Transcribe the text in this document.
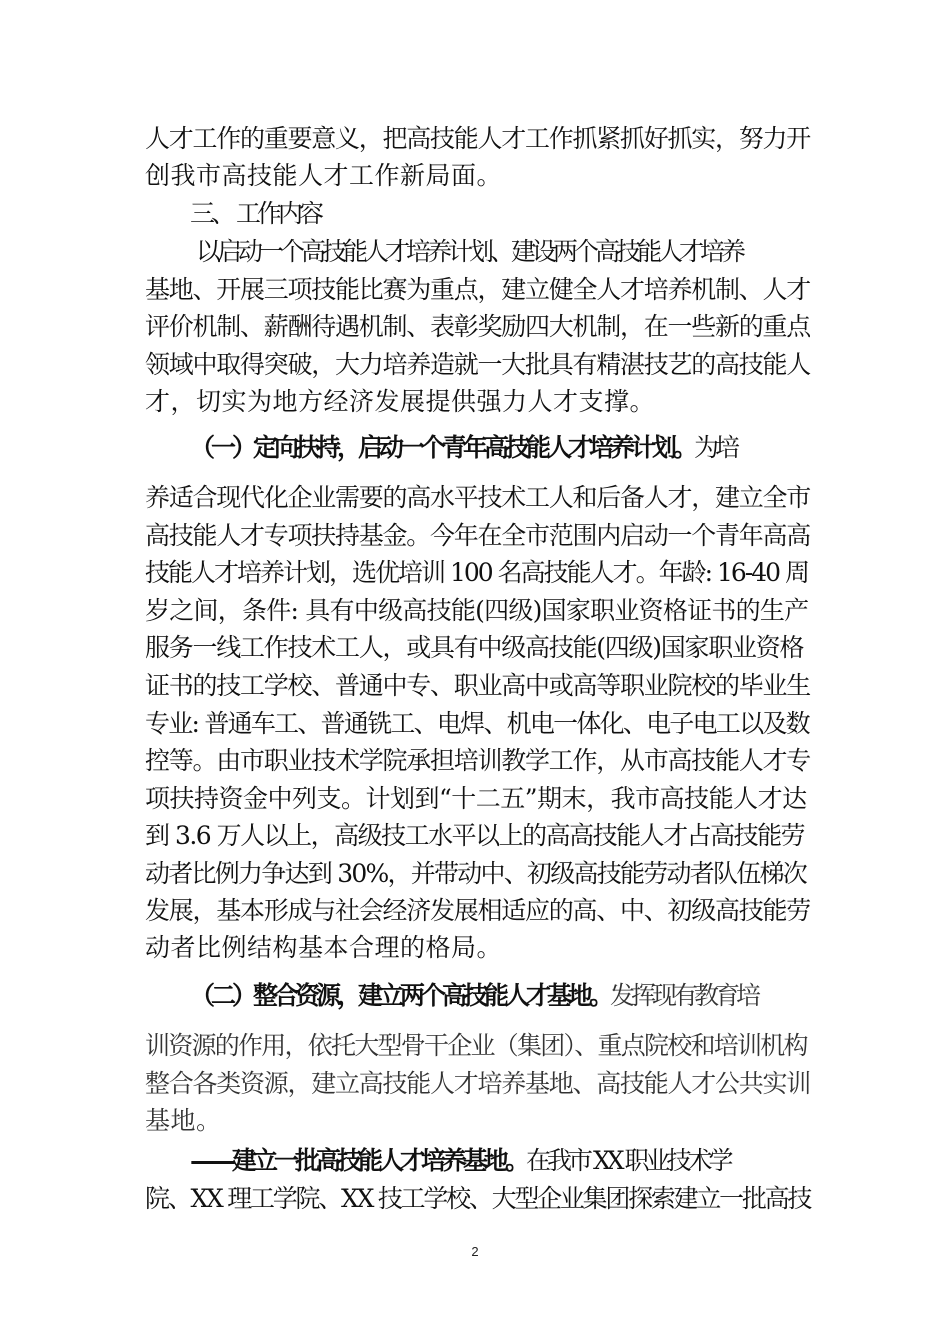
人才工作的重要意义，把高技能人才工作抓紧抓好抓实，努力开
创我市高技能人才工作新局面。
三、 工作内容
以启动一个高技能人才培养计划、建设两个高技能人才培养
基地、开展三项技能比赛为重点，建立健全人才培养机制、人才
评价机制、薪酬待遇机制、表彰奖励四大机制，在一些新的重点
领域中取得突破，大力培养造就一大批具有精湛技艺的高技能人
才，切实为地方经济发展提供强力人才支撑。
（一）定向扶持，启动一个青年高技能人才培养计划。为培
养适合现代化企业需要的高水平技术工人和后备人才，建立全市
高技能人才专项扶持基金。今年在全市范围内启动一个青年高高
技能人才培养计划，选优培训 100 名高技能人才。年龄: 16-40 周
岁之间，条件: 具有中级高技能(四级)国家职业资格证书的生产
服务一线工作技术工人，或具有中级高技能(四级)国家职业资格
证书的技工学校、普通中专、职业高中或高等职业院校的毕业生
专业: 普通车工、普通铣工、电焊、机电一体化、电子电工以及数
控等。由市职业技术学院承担培训教学工作，从市高技能人才专
项扶持资金中列支。计划到“十二五”期末，我市高技能人才达
到 3.6 万人以上，高级技工水平以上的高高技能人才占高技能劳
动者比例力争达到 30%，并带动中、初级高技能劳动者队伍梯次
发展，基本形成与社会经济发展相适应的高、中、初级高技能劳
动者比例结构基本合理的格局。
（二）整合资源，建立两个高技能人才基地。发挥现有教育培
训资源的作用，依托大型骨干企业（集团）、重点院校和培训机构
整合各类资源，建立高技能人才培养基地、高技能人才公共实训
基地。
——建立一批高技能人才培养基地。在我市 XX 职业技术学
院、XX 理工学院、XX 技工学校、大型企业集团探索建立一批高技
2
